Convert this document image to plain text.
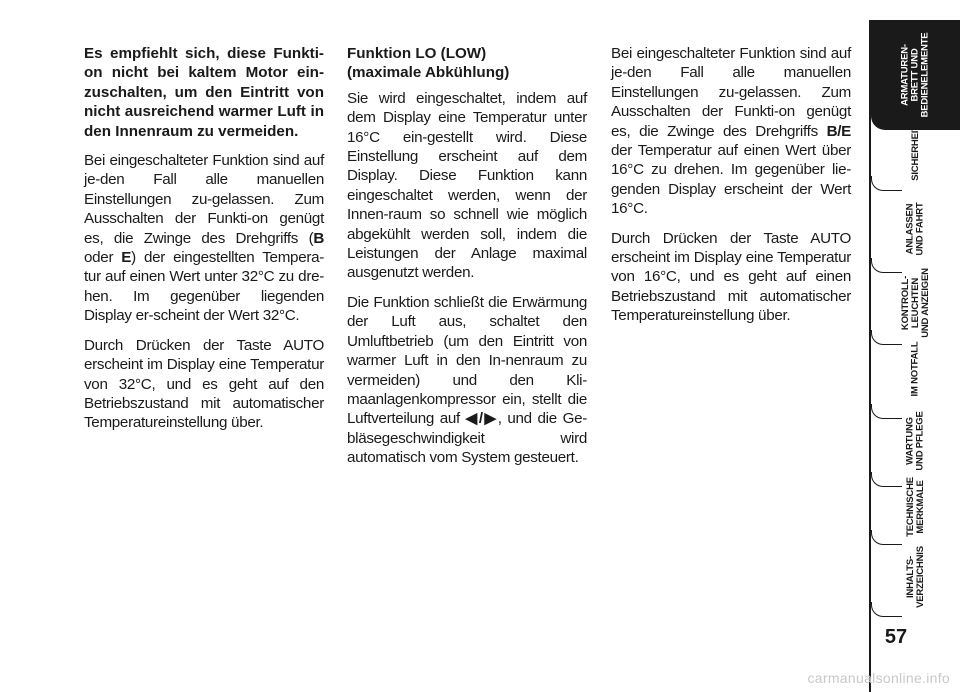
Es empfiehlt sich, diese Funkti-on nicht bei kaltem Motor ein-zuschalten, um den Eintritt von nicht ausreichend warmer Luft in den Innenraum zu vermeiden.

Bei eingeschalteter Funktion sind auf je-den Fall alle manuellen Einstellungen zu-gelassen. Zum Ausschalten der Funkti-on genügt es, die Zwinge des Drehgriffs (B oder E) der eingestellten Tempera-tur auf einen Wert unter 32°C zu dre-hen. Im gegenüber liegenden Display er-scheint der Wert 32°C.

Durch Drücken der Taste AUTO erscheint im Display eine Temperatur von 32°C, und es geht auf den Betriebszustand mit automatischer Temperatureinstellung über.

Funktion LO (LOW)
(maximale Abkühlung)

Sie wird eingeschaltet, indem auf dem Display eine Temperatur unter 16°C ein-gestellt wird. Diese Einstellung erscheint auf dem Display. Diese Funktion kann eingeschaltet werden, wenn der Innen-raum so schnell wie möglich abgekühlt werden soll, indem die Leistungen der Anlage maximal ausgenutzt werden.

Die Funktion schließt die Erwärmung der Luft aus, schaltet den Umluftbetrieb (um den Eintritt von warmer Luft in den In-nenraum zu vermeiden) und den Kli-maanlagenkompressor ein, stellt die Luftverteilung auf ◀/▶, und die Ge-bläsegeschwindigkeit wird automatisch vom System gesteuert.

Bei eingeschalteter Funktion sind auf je-den Fall alle manuellen Einstellungen zu-gelassen. Zum Ausschalten der Funkti-on genügt es, die Zwinge des Drehgriffs B/E der Temperatur auf einen Wert über 16°C zu drehen. Im gegenüber lie-genden Display erscheint der Wert 16°C.

Durch Drücken der Taste AUTO erscheint im Display eine Temperatur von 16°C, und es geht auf einen Betriebszustand mit automatischer Temperatureinstellung über.

ARMATUREN- BRETT UND BEDIENELEMENTE
SICHERHEIT
ANLASSEN UND FAHRT
KONTROLL- LEUCHTEN UND ANZEIGEN
IM NOTFALL
WARTUNG UND PFLEGE
TECHNISCHE MERKMALE
INHALTS- VERZEICHNIS
57
carmanualsonline.info
